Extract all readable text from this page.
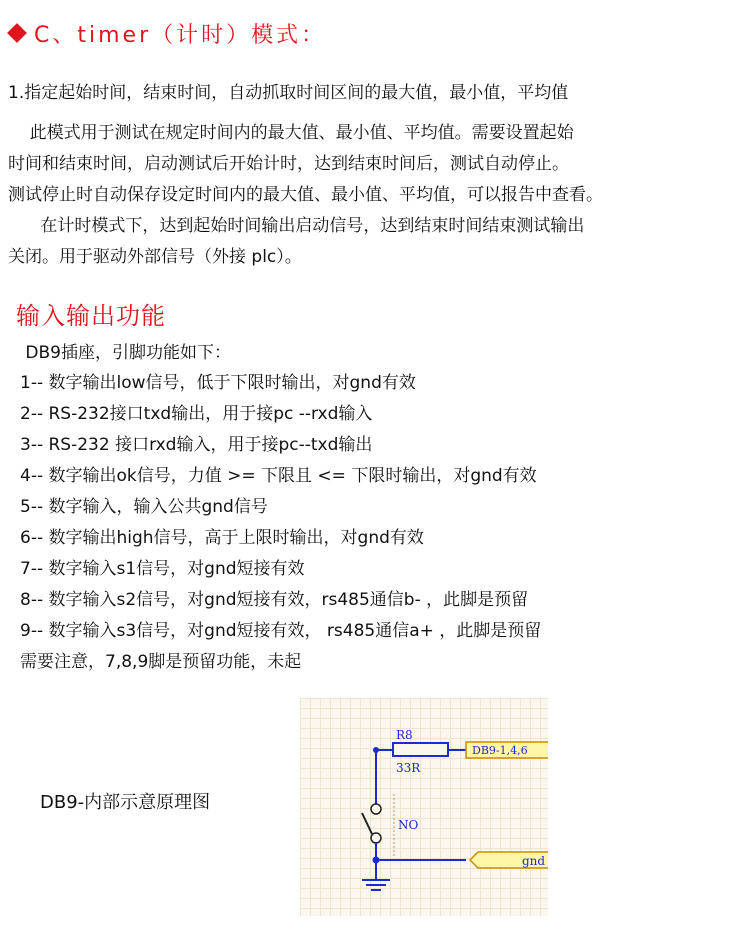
C、timer（计时）模式：
1.指定起始时间，结束时间，自动抓取时间区间的最大值，最小值，平均值
此模式用于测试在规定时间内的最大值、最小值、平均值。需要设置起始
时间和结束时间，启动测试后开始计时，达到结束时间后，测试自动停止。
测试停止时自动保存设定时间内的最大值、最小值、平均值，可以报告中查看。
在计时模式下，达到起始时间输出启动信号，达到结束时间结束测试输出
关闭。用于驱动外部信号（外接 plc）。
输入输出功能
DB9插座，引脚功能如下：
1-- 数字输出low信号，低于下限时输出，对gnd有效
2-- RS-232接口txd输出，用于接pc --rxd输入
3-- RS-232 接口rxd输入，用于接pc--txd输出
4-- 数字输出ok信号，力值 >= 下限且 <= 下限时输出，对gnd有效
5-- 数字输入，输入公共gnd信号
6-- 数字输出high信号，高于上限时输出，对gnd有效
7-- 数字输入s1信号，对gnd短接有效
8-- 数字输入s2信号，对gnd短接有效，rs485通信b- ，此脚是预留
9-- 数字输入s3信号，对gnd短接有效， rs485通信a+ ，此脚是预留
需要注意，7,8,9脚是预留功能，未起
DB9-内部示意原理图
R8
33R
DB9-1,4,6
NO
gnd
